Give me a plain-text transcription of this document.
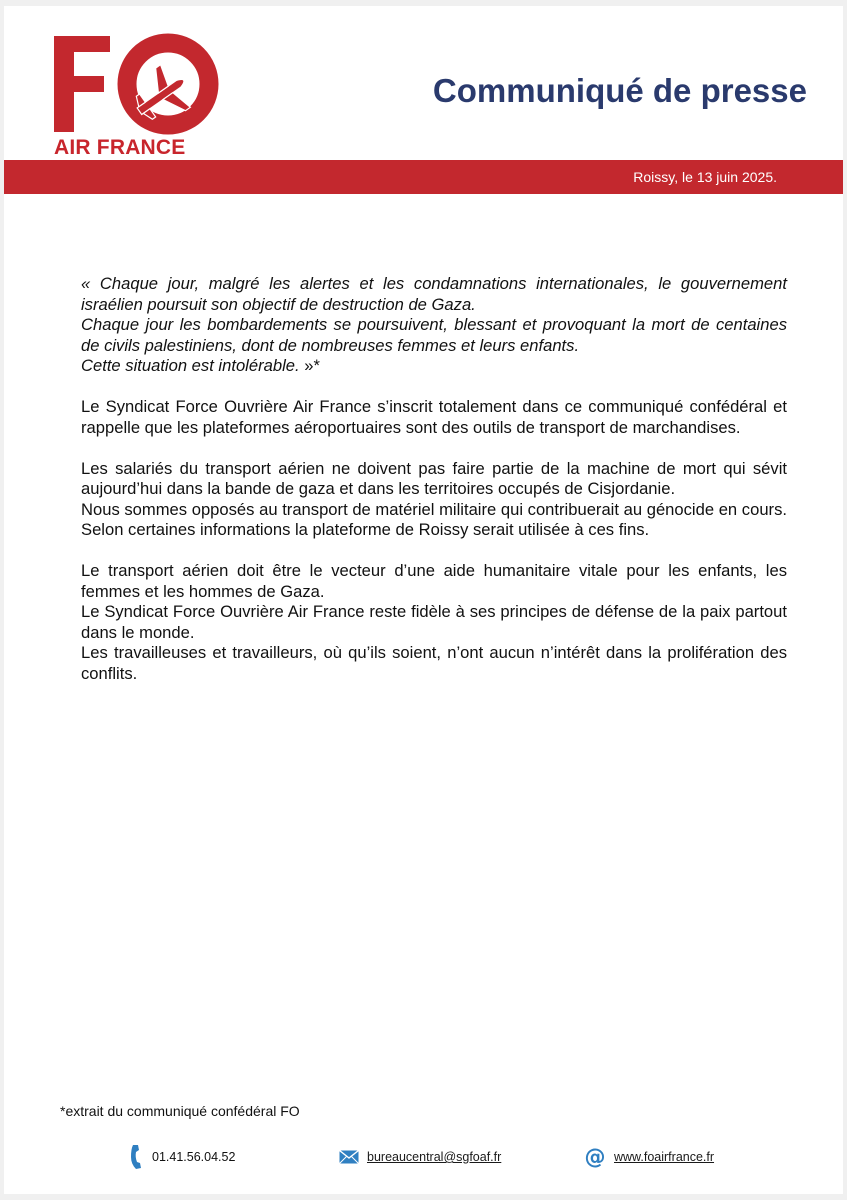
AIR FRANCE
Communiqué de presse
Roissy, le 13 juin 2025.

« Chaque jour, malgré les alertes et les condamnations internationales, le gouvernement israélien poursuit son objectif de destruction de Gaza.
Chaque jour les bombardements se poursuivent, blessant et provoquant la mort de centaines de civils palestiniens, dont de nombreuses femmes et leurs enfants.
Cette situation est intolérable. »*

Le Syndicat Force Ouvrière Air France s’inscrit totalement dans ce communiqué confédéral et rappelle que les plateformes aéroportuaires sont des outils de transport de marchandises.

Les salariés du transport aérien ne doivent pas faire partie de la machine de mort qui sévit aujourd’hui dans la bande de gaza et dans les territoires occupés de Cisjordanie.
Nous sommes opposés au transport de matériel militaire qui contribuerait au génocide en cours. Selon certaines informations la plateforme de Roissy serait utilisée à ces fins.

Le transport aérien doit être le vecteur d’une aide humanitaire vitale pour les enfants, les femmes et les hommes de Gaza.
Le Syndicat Force Ouvrière Air France reste fidèle à ses principes de défense de la paix partout dans le monde.
Les travailleuses et travailleurs, où qu’ils soient, n’ont aucun n’intérêt dans la prolifération des conflits.

*extrait du communiqué confédéral FO
01.41.56.04.52	bureaucentral@sgfoaf.fr	@ www.foairfrance.fr
